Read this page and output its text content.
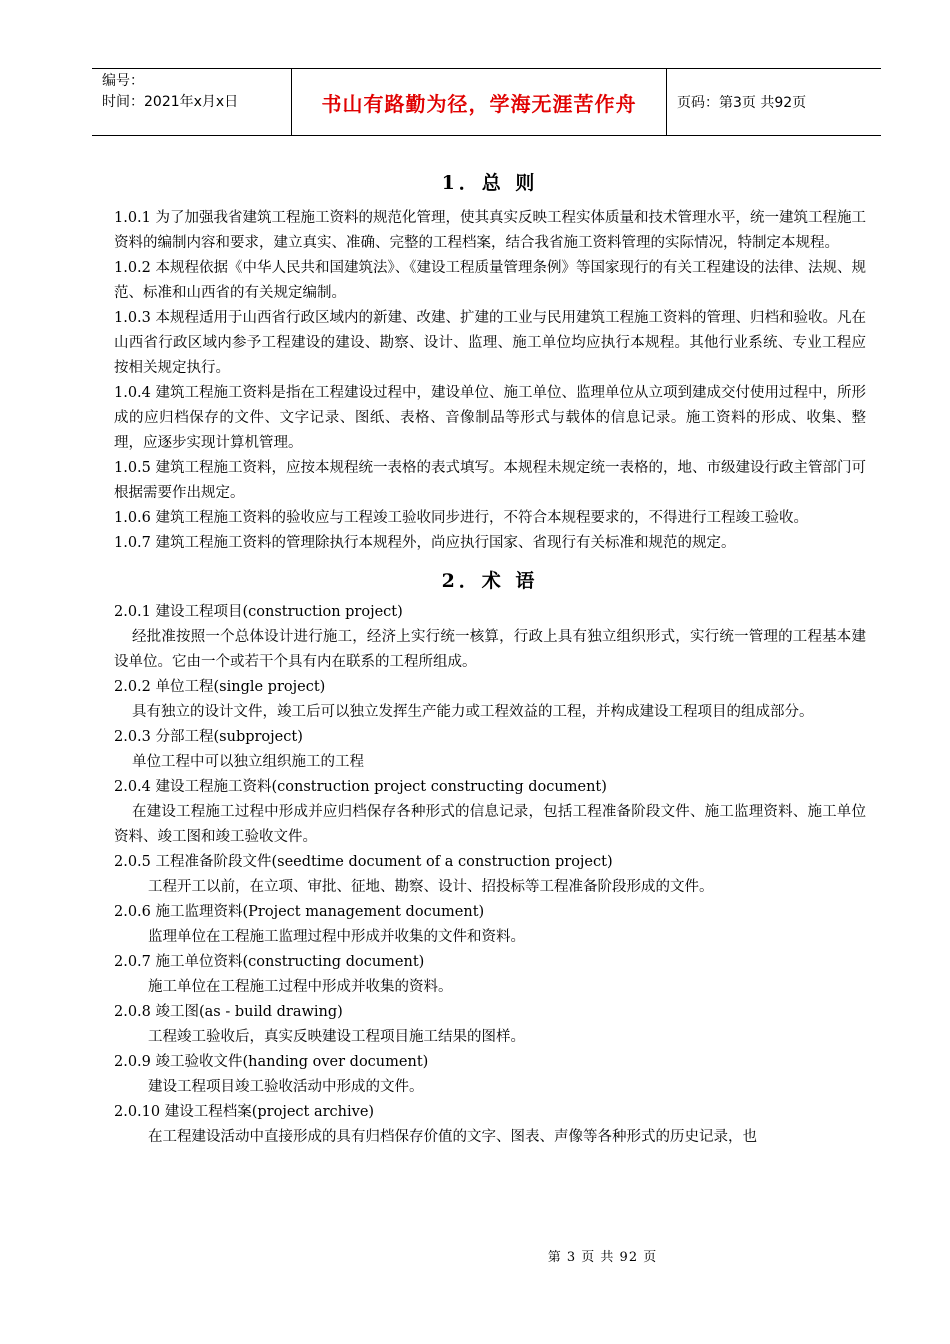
编号：
时间：2021年x月x日	书山有路勤为径，学海无涯苦作舟	页码：第3页 共92页
1．总 则

1.0.1 为了加强我省建筑工程施工资料的规范化管理，使其真实反映工程实体质量和技术管理水平，统一建筑工程施工资料的编制内容和要求，建立真实、准确、完整的工程档案，结合我省施工资料管理的实际情况，特制定本规程。

1.0.2 本规程依据《中华人民共和国建筑法》、《建设工程质量管理条例》等国家现行的有关工程建设的法律、法规、规范、标准和山西省的有关规定编制。

1.0.3 本规程适用于山西省行政区域内的新建、改建、扩建的工业与民用建筑工程施工资料的管理、归档和验收。凡在山西省行政区域内参予工程建设的建设、勘察、设计、监理、施工单位均应执行本规程。其他行业系统、专业工程应按相关规定执行。

1.0.4 建筑工程施工资料是指在工程建设过程中，建设单位、施工单位、监理单位从立项到建成交付使用过程中，所形成的应归档保存的文件、文字记录、图纸、表格、音像制品等形式与载体的信息记录。施工资料的形成、收集、整理，应逐步实现计算机管理。

1.0.5 建筑工程施工资料，应按本规程统一表格的表式填写。本规程未规定统一表格的，地、市级建设行政主管部门可根据需要作出规定。

1.0.6 建筑工程施工资料的验收应与工程竣工验收同步进行，不符合本规程要求的，不得进行工程竣工验收。

1.0.7 建筑工程施工资料的管理除执行本规程外，尚应执行国家、省现行有关标准和规范的规定。

2．术 语

2.0.1 建设工程项目(construction project)

经批准按照一个总体设计进行施工，经济上实行统一核算，行政上具有独立组织形式，实行统一管理的工程基本建设单位。它由一个或若干个具有内在联系的工程所组成。

2.0.2 单位工程(single project)

具有独立的设计文件，竣工后可以独立发挥生产能力或工程效益的工程，并构成建设工程项目的组成部分。

2.0.3 分部工程(subproject)

单位工程中可以独立组织施工的工程

2.0.4 建设工程施工资料(construction project constructing document)

在建设工程施工过程中形成并应归档保存各种形式的信息记录，包括工程准备阶段文件、施工监理资料、施工单位资料、竣工图和竣工验收文件。

2.0.5 工程准备阶段文件(seedtime document of a construction project)

工程开工以前，在立项、审批、征地、勘察、设计、招投标等工程准备阶段形成的文件。

2.0.6 施工监理资料(Project management document)

监理单位在工程施工监理过程中形成并收集的文件和资料。

2.0.7 施工单位资料(constructing document)

施工单位在工程施工过程中形成并收集的资料。

2.0.8 竣工图(as - build drawing)

工程竣工验收后，真实反映建设工程项目施工结果的图样。

2.0.9 竣工验收文件(handing over document)

建设工程项目竣工验收活动中形成的文件。

2.0.10 建设工程档案(project archive)

在工程建设活动中直接形成的具有归档保存价值的文字、图表、声像等各种形式的历史记录，也

第 3 页 共 92 页
